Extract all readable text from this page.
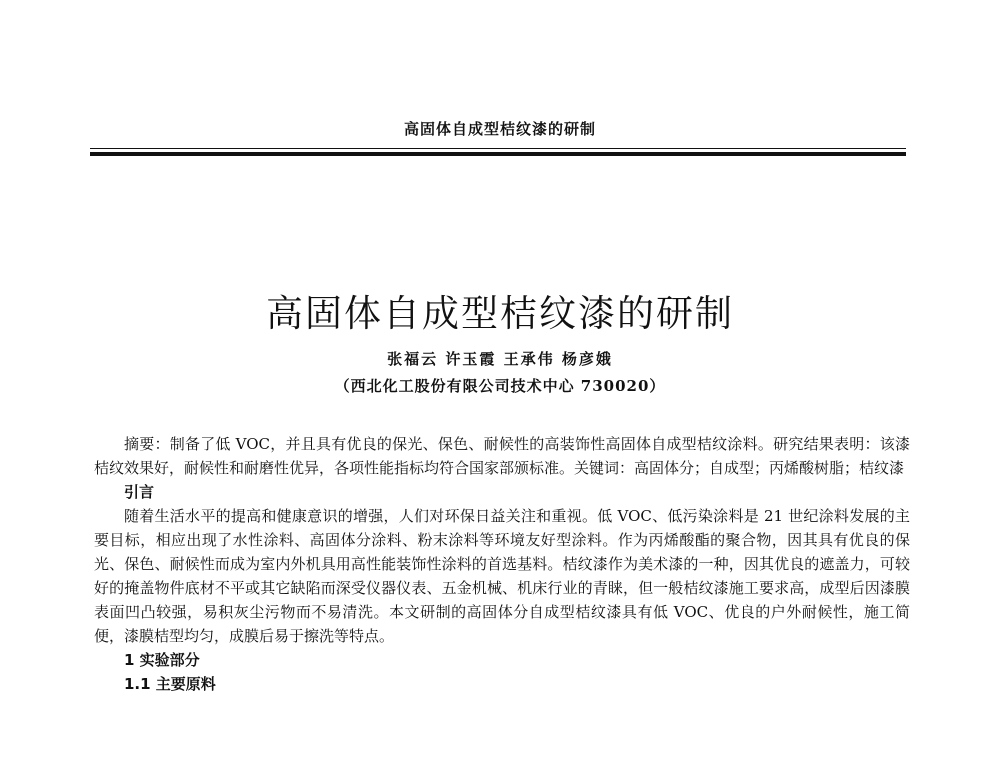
高固体自成型桔纹漆的研制
高固体自成型桔纹漆的研制
张福云 许玉霞 王承伟 杨彦娥
（西北化工股份有限公司技术中心 730020）

摘要：制备了低 VOC，并且具有优良的保光、保色、耐候性的高装饰性高固体自成型桔纹涂料。研究结果表明：该漆桔纹效果好，耐候性和耐磨性优异，各项性能指标均符合国家部颁标准。关键词：高固体分；自成型；丙烯酸树脂；桔纹漆

引言

随着生活水平的提高和健康意识的增强，人们对环保日益关注和重视。低 VOC、低污染涂料是 21 世纪涂料发展的主要目标，相应出现了水性涂料、高固体分涂料、粉末涂料等环境友好型涂料。作为丙烯酸酯的聚合物，因其具有优良的保光、保色、耐候性而成为室内外机具用高性能装饰性涂料的首选基料。桔纹漆作为美术漆的一种，因其优良的遮盖力，可较好的掩盖物件底材不平或其它缺陷而深受仪器仪表、五金机械、机床行业的青睐，但一般桔纹漆施工要求高，成型后因漆膜表面凹凸较强，易积灰尘污物而不易清洗。本文研制的高固体分自成型桔纹漆具有低 VOC、优良的户外耐候性，施工简便，漆膜桔型均匀，成膜后易于擦洗等特点。

1 实验部分
1.1 主要原料
